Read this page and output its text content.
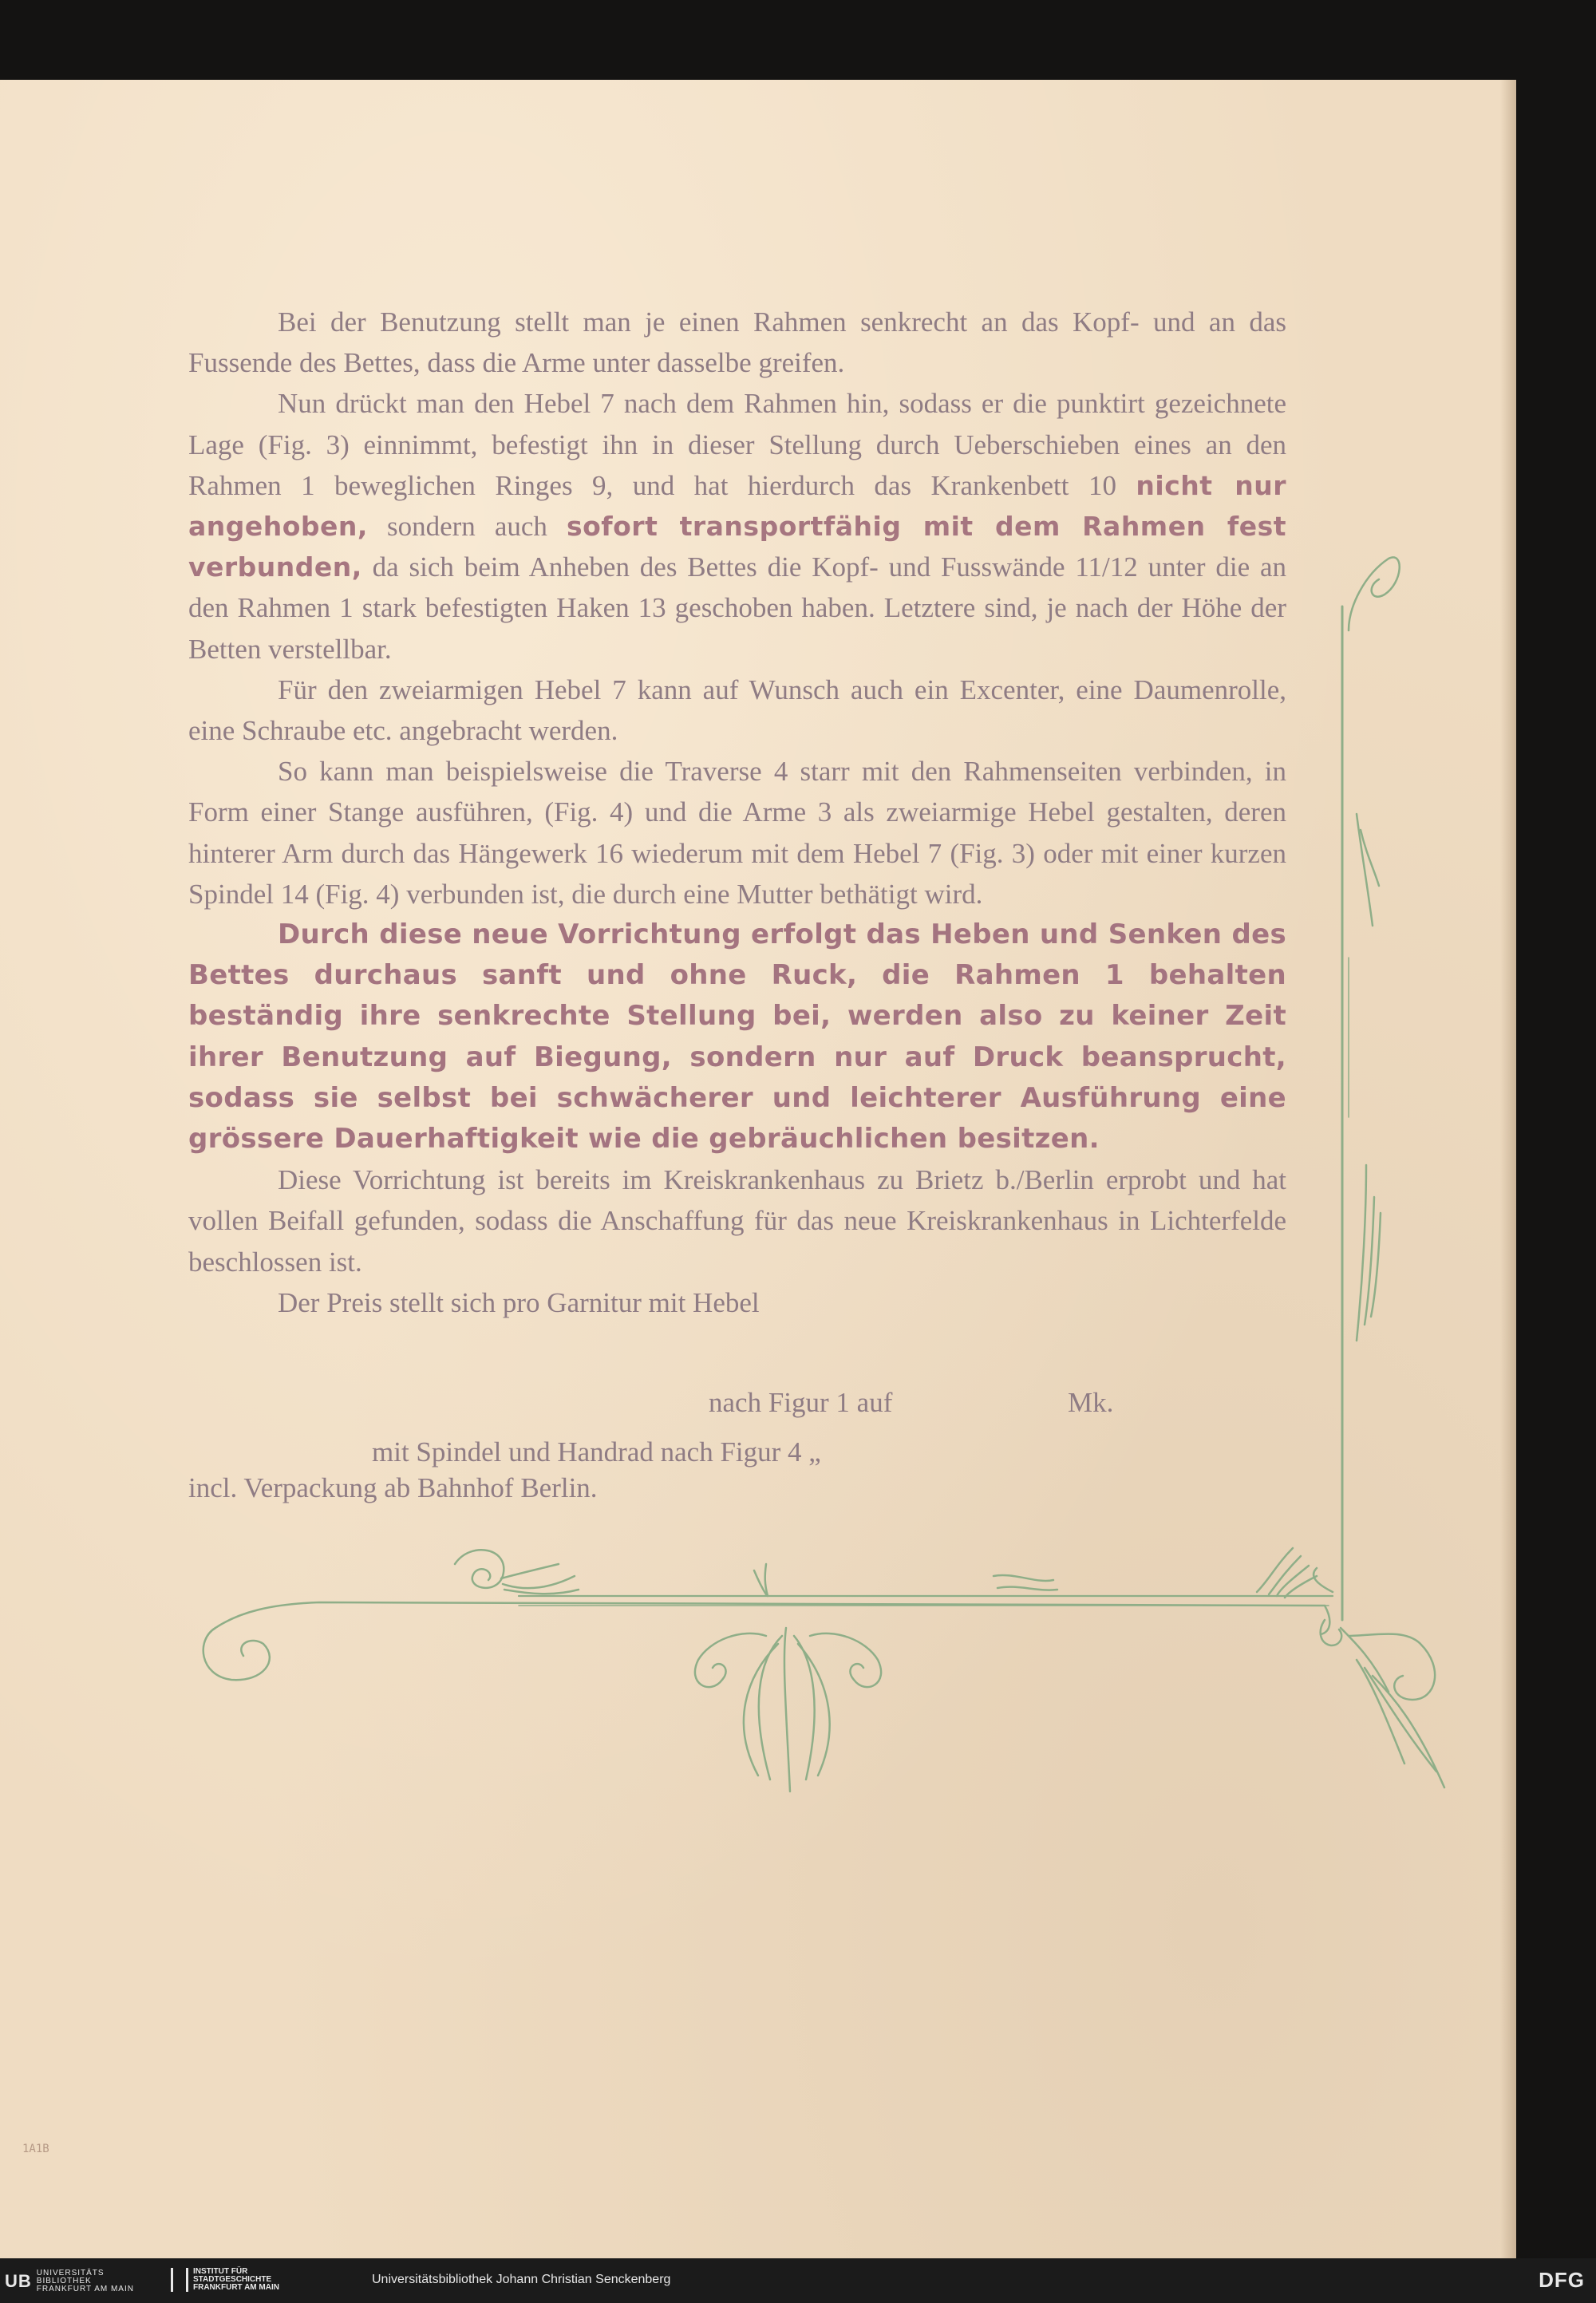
Bei der Benutzung stellt man je einen Rahmen senkrecht an das Kopf- und an das Fussende des Bettes, dass die Arme unter dasselbe greifen.

Nun drückt man den Hebel 7 nach dem Rahmen hin, sodass er die punktirt gezeichnete Lage (Fig. 3) einnimmt, befestigt ihn in dieser Stellung durch Ueberschieben eines an den Rahmen 1 beweglichen Ringes 9, und hat hierdurch das Krankenbett 10 nicht nur angehoben, sondern auch sofort transportfähig mit dem Rahmen fest verbunden, da sich beim Anheben des Bettes die Kopf- und Fusswände 11/12 unter die an den Rahmen 1 stark befestigten Haken 13 geschoben haben. Letztere sind, je nach der Höhe der Betten verstellbar.

Für den zweiarmigen Hebel 7 kann auf Wunsch auch ein Excenter, eine Daumenrolle, eine Schraube etc. angebracht werden.

So kann man beispielsweise die Traverse 4 starr mit den Rahmenseiten verbinden, in Form einer Stange ausführen, (Fig. 4) und die Arme 3 als zweiarmige Hebel gestalten, deren hinterer Arm durch das Hängewerk 16 wiederum mit dem Hebel 7 (Fig. 3) oder mit einer kurzen Spindel 14 (Fig. 4) verbunden ist, die durch eine Mutter bethätigt wird.

Durch diese neue Vorrichtung erfolgt das Heben und Senken des Bettes durchaus sanft und ohne Ruck, die Rahmen 1 behalten beständig ihre senkrechte Stellung bei, werden also zu keiner Zeit ihrer Benutzung auf Biegung, sondern nur auf Druck beansprucht, sodass sie selbst bei schwächerer und leichterer Ausführung eine grössere Dauerhaftigkeit wie die gebräuchlichen besitzen.

Diese Vorrichtung ist bereits im Kreiskrankenhaus zu Brietz b./Berlin erprobt und hat vollen Beifall gefunden, sodass die Anschaffung für das neue Kreiskrankenhaus in Lichterfelde beschlossen ist.

Der Preis stellt sich pro Garnitur mit Hebel

nach Figur 1 auf	Mk.
mit Spindel und Handrad nach Figur 4 „
incl. Verpackung ab Bahnhof Berlin.
1A1B
UB UNIVERSITÄTS
BIBLIOTHEK
FRANKFURT AM MAIN
INSTITUT FÜR
STADTGESCHICHTE
FRANKFURT AM MAIN
Universitätsbibliothek Johann Christian Senckenberg	DFG
